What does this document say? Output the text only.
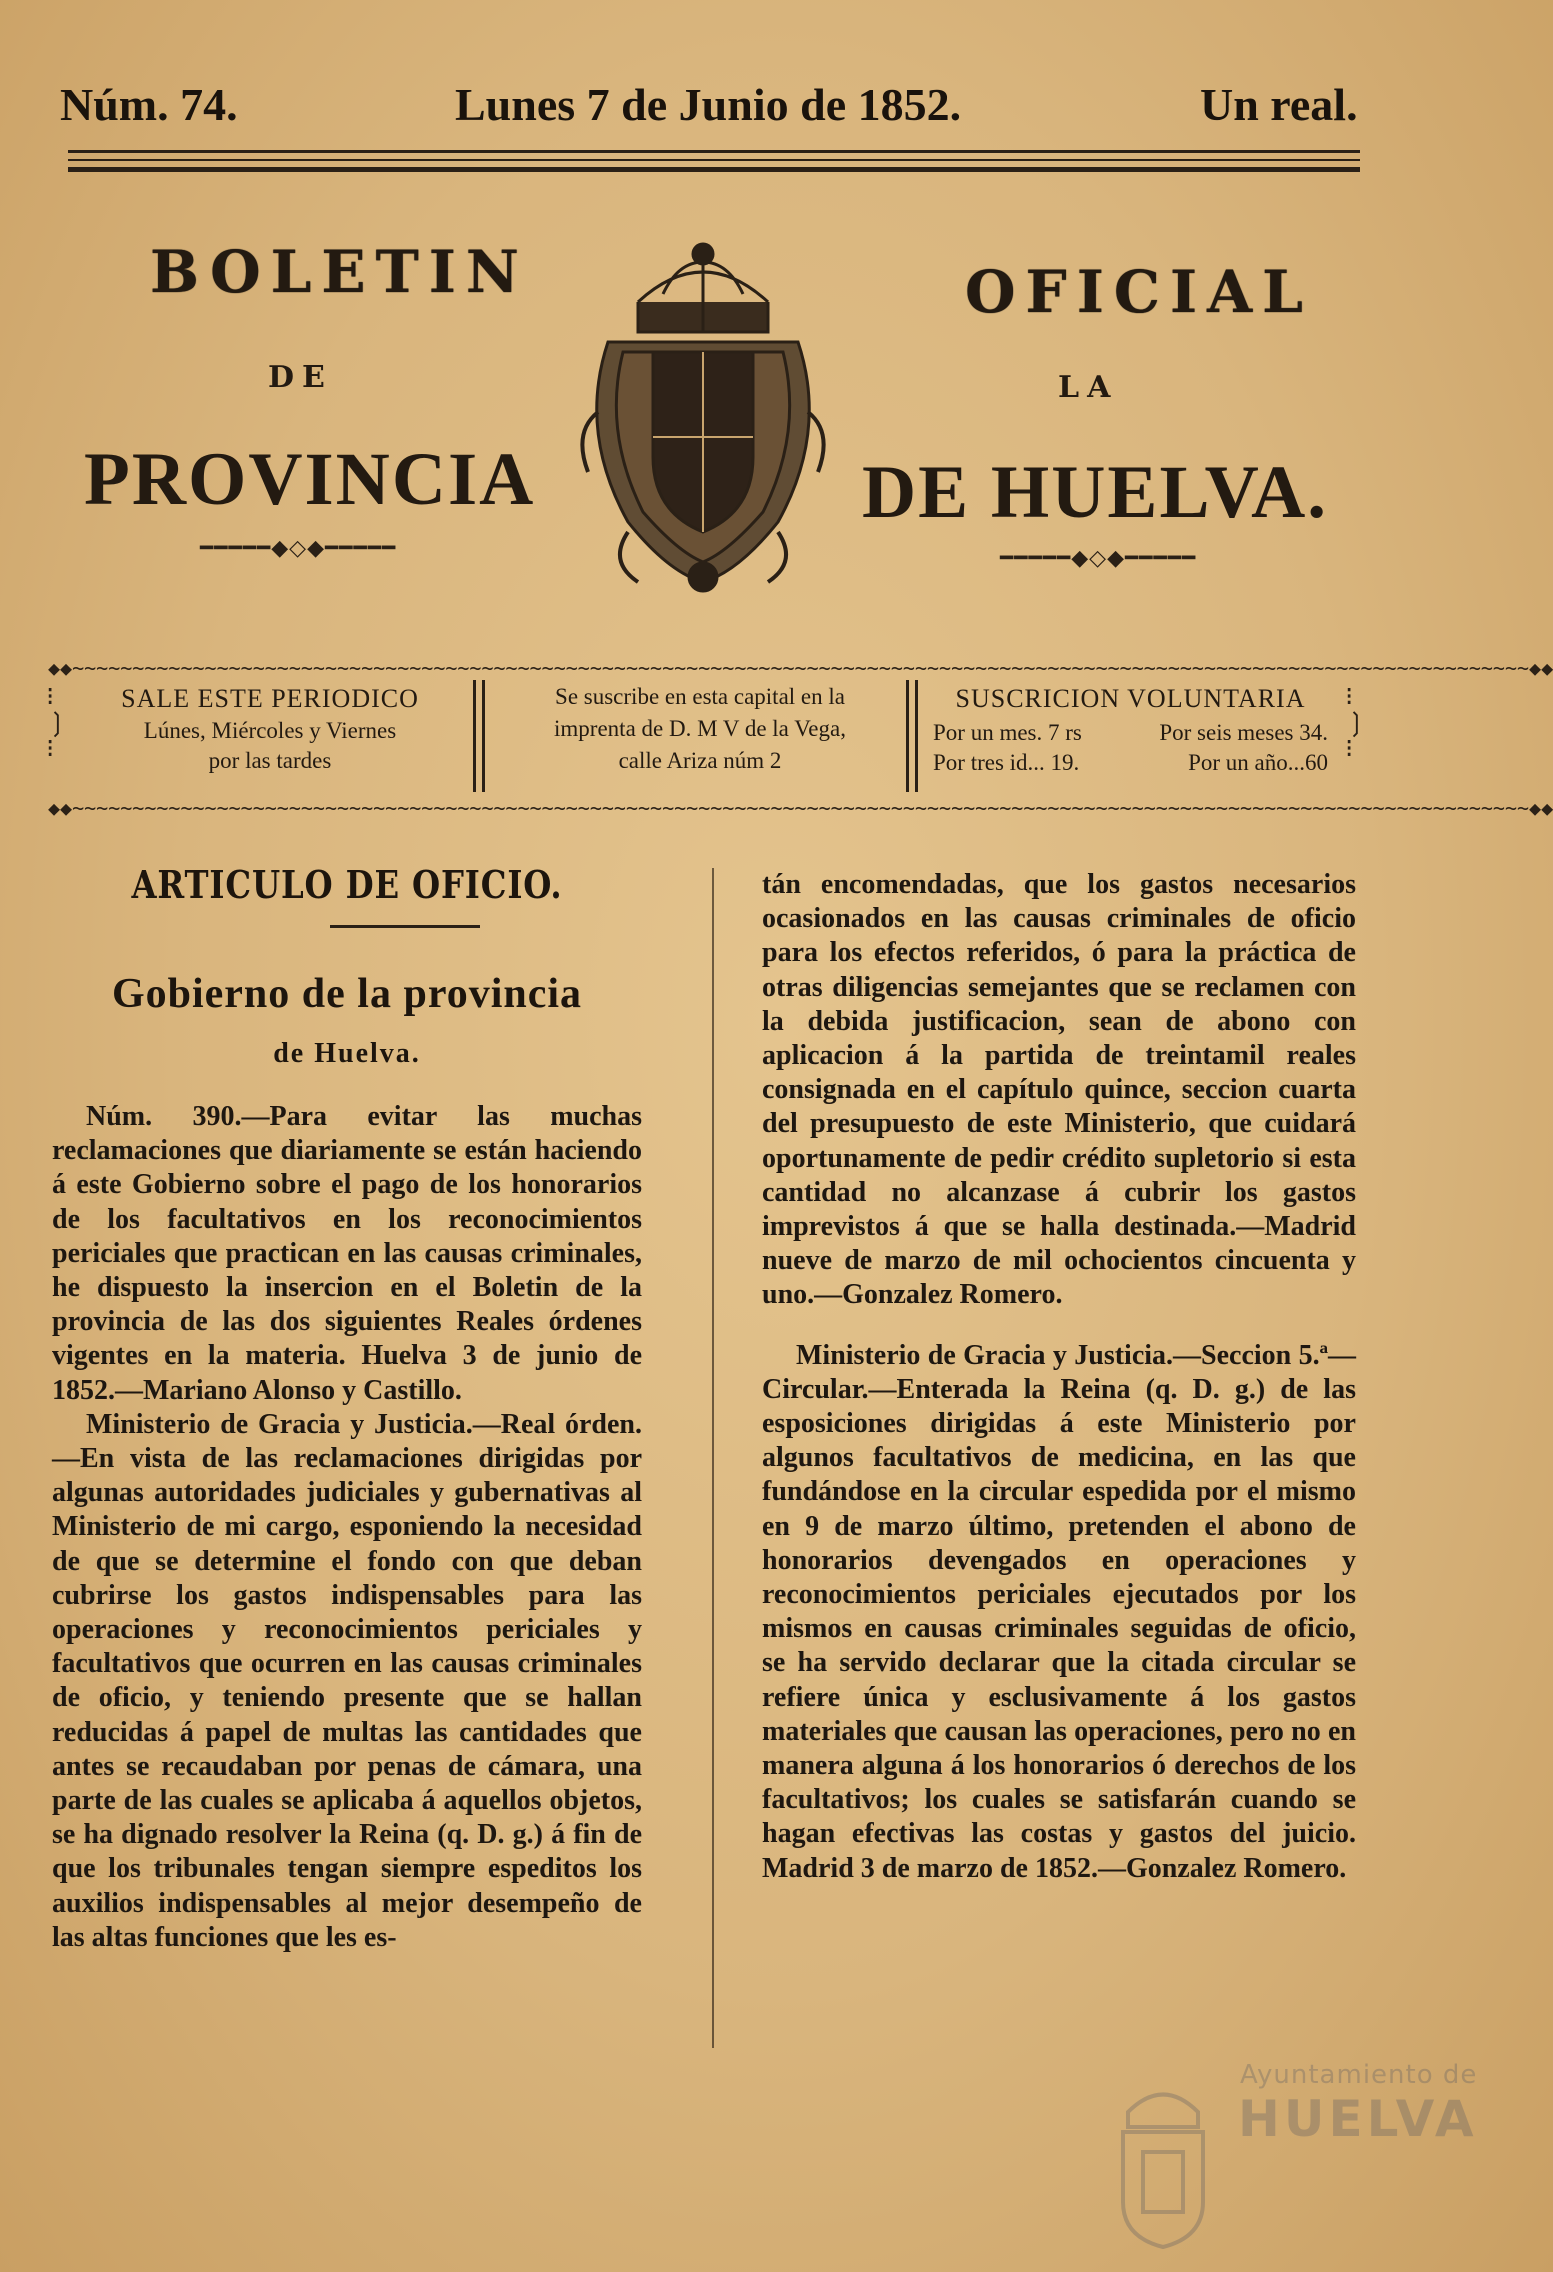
Núm. 74.	Lunes 7 de Junio de 1852.	Un real.
BOLETIN	OFICIAL
DE	LA
PROVINCIA	DE HUELVA.
━━━━━◆◇◆━━━━━	━━━━━◆◇◆━━━━━
◆◆~~~~~~~~~~~~~~~~~~~~~~~~~~~~~~~~~~~~~~~~~~~~~~~~~~~~~~~~~~~~~~~~~~~~~~~~~~~~~~~~~~~~~~~~~~~~~~~~~~~~~~~~~~~~~~~~~~~~~~~~~◆◆
◆◆~~~~~~~~~~~~~~~~~~~~~~~~~~~~~~~~~~~~~~~~~~~~~~~~~~~~~~~~~~~~~~~~~~~~~~~~~~~~~~~~~~~~~~~~~~~~~~~~~~~~~~~~~~~~~~~~~~~~~~~~~◆◆
⁝
❳
⁝
⁝
❳
⁝
SALE ESTE PERIODICO
Lúnes, Miércoles y Viernes
por las tardes
Se suscribe en esta capital en la
imprenta de D. M V de la Vega,
calle Ariza núm 2
SUSCRICION VOLUNTARIA
Por un mes. 7 rs	Por seis meses 34.
Por tres id... 19.	Por un año...60
ARTICULO DE OFICIO.
Gobierno de la provincia
de Huelva.

Núm. 390.—Para evitar las muchas reclamaciones que diariamente se están haciendo á este Gobierno sobre el pago de los honorarios de los facultativos en los reconocimientos periciales que practican en las causas criminales, he dispuesto la insercion en el Boletin de la provincia de las dos siguientes Reales órdenes vigentes en la materia. Huelva 3 de junio de 1852.—Mariano Alonso y Castillo.

Ministerio de Gracia y Justicia.—Real órden.—En vista de las reclamaciones dirigidas por algunas autoridades judiciales y gubernativas al Ministerio de mi cargo, esponiendo la necesidad de que se determine el fondo con que deban cubrirse los gastos indispensables para las operaciones y reconocimientos periciales y facultativos que ocurren en las causas criminales de oficio, y teniendo presente que se hallan reducidas á papel de multas las cantidades que antes se recaudaban por penas de cámara, una parte de las cuales se aplicaba á aquellos objetos, se ha dignado resolver la Reina (q. D. g.) á fin de que los tribunales tengan siempre espeditos los auxilios indispensables al mejor desempeño de las altas funciones que les es-

tán encomendadas, que los gastos necesarios ocasionados en las causas criminales de oficio para los efectos referidos, ó para la práctica de otras diligencias semejantes que se reclamen con la debida justificacion, sean de abono con aplicacion á la partida de treintamil reales consignada en el capítulo quince, seccion cuarta del presupuesto de este Ministerio, que cuidará oportunamente de pedir crédito supletorio si esta cantidad no alcanzase á cubrir los gastos imprevistos á que se halla destinada.—Madrid nueve de marzo de mil ochocientos cincuenta y uno.—Gonzalez Romero.

Ministerio de Gracia y Justicia.—Seccion 5.ª—Circular.—Enterada la Reina (q. D. g.) de las esposiciones dirigidas á este Ministerio por algunos facultativos de medicina, en las que fundándose en la circular espedida por el mismo en 9 de marzo último, pretenden el abono de honorarios devengados en operaciones y reconocimientos periciales ejecutados por los mismos en causas criminales seguidas de oficio, se ha servido declarar que la citada circular se refiere única y esclusivamente á los gastos materiales que causan las operaciones, pero no en manera alguna á los honorarios ó derechos de los facultativos; los cuales se satisfarán cuando se hagan efectivas las costas y gastos del juicio. Madrid 3 de marzo de 1852.—Gonzalez Romero.

Ayuntamiento de
HUELVA
